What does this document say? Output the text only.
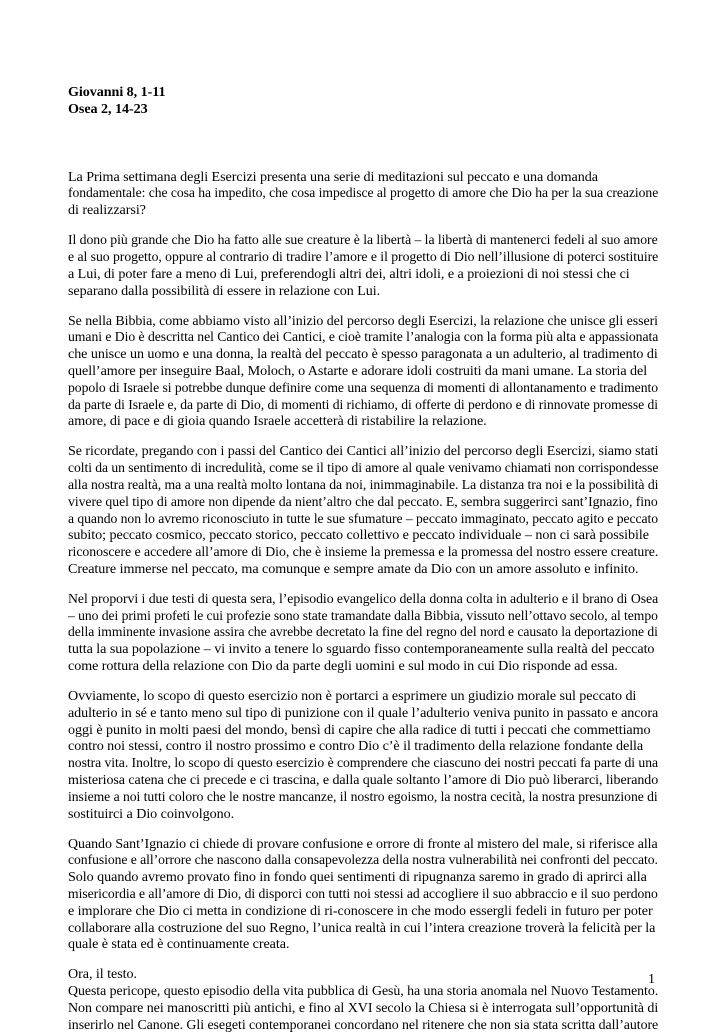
Giovanni 8, 1-11

Osea 2, 14-23

La Prima settimana degli Esercizi presenta una serie di meditazioni sul peccato e una domanda
fondamentale: che cosa ha impedito, che cosa impedisce al progetto di amore che Dio ha per la sua creazione
di realizzarsi?

Il dono più grande che Dio ha fatto alle sue creature è la libertà – la libertà di mantenerci fedeli al suo amore
e al suo progetto, oppure al contrario di tradire l’amore e il progetto di Dio nell’illusione di poterci sostituire
a Lui, di poter fare a meno di Lui, preferendogli altri dei, altri idoli, e a proiezioni di noi stessi che ci
separano dalla possibilità di essere in relazione con Lui.

Se nella Bibbia, come abbiamo visto all’inizio del percorso degli Esercizi, la relazione che unisce gli esseri
umani e Dio è descritta nel Cantico dei Cantici, e cioè tramite l’analogia con la forma più alta e appassionata
che unisce un uomo e una donna, la realtà del peccato è spesso paragonata a un adulterio, al tradimento di
quell’amore per inseguire Baal, Moloch, o Astarte e adorare idoli costruiti da mani umane. La storia del
popolo di Israele si potrebbe dunque definire come una sequenza di momenti di allontanamento e tradimento
da parte di Israele e, da parte di Dio, di momenti di richiamo, di offerte di perdono e di rinnovate promesse di
amore, di pace e di gioia quando Israele accetterà di ristabilire la relazione.

Se ricordate, pregando con i passi del Cantico dei Cantici all’inizio del percorso degli Esercizi, siamo stati
colti da un sentimento di incredulità, come se il tipo di amore al quale venivamo chiamati non corrispondesse
alla nostra realtà, ma a una realtà molto lontana da noi, inimmaginabile. La distanza tra noi e la possibilità di
vivere quel tipo di amore non dipende da nient’altro che dal peccato. E, sembra suggerirci sant’Ignazio, fino
a quando non lo avremo riconosciuto in tutte le sue sfumature – peccato immaginato, peccato agito e peccato
subito; peccato cosmico, peccato storico, peccato collettivo e peccato individuale – non ci sarà possibile
riconoscere e accedere all’amore di Dio, che è insieme la premessa e la promessa del nostro essere creature.
Creature immerse nel peccato, ma comunque e sempre amate da Dio con un amore assoluto e infinito.

Nel proporvi i due testi di questa sera, l’episodio evangelico della donna colta in adulterio e il brano di Osea
– uno dei primi profeti le cui profezie sono state tramandate dalla Bibbia, vissuto nell’ottavo secolo, al tempo
della imminente invasione assira che avrebbe decretato la fine del regno del nord e causato la deportazione di
tutta la sua popolazione – vi invito a tenere lo sguardo fisso contemporaneamente sulla realtà del peccato
come rottura della relazione con Dio da parte degli uomini e sul modo in cui Dio risponde ad essa.

Ovviamente, lo scopo di questo esercizio non è portarci a esprimere un giudizio morale sul peccato di
adulterio in sé e tanto meno sul tipo di punizione con il quale l’adulterio veniva punito in passato e ancora
oggi è punito in molti paesi del mondo, bensì di capire che alla radice di tutti i peccati che commettiamo
contro noi stessi, contro il nostro prossimo e contro Dio c’è il tradimento della relazione fondante della
nostra vita. Inoltre, lo scopo di questo esercizio è comprendere che ciascuno dei nostri peccati fa parte di una
misteriosa catena che ci precede e ci trascina, e dalla quale soltanto l’amore di Dio può liberarci, liberando
insieme a noi tutti coloro che le nostre mancanze, il nostro egoismo, la nostra cecità, la nostra presunzione di
sostituirci a Dio coinvolgono.

Quando Sant’Ignazio ci chiede di provare confusione e orrore di fronte al mistero del male, si riferisce alla
confusione e all’orrore che nascono dalla consapevolezza della nostra vulnerabilità nei confronti del peccato.
Solo quando avremo provato fino in fondo quei sentimenti di ripugnanza saremo in grado di aprirci alla
misericordia e all’amore di Dio, di disporci con tutti noi stessi ad accogliere il suo abbraccio e il suo perdono
e implorare che Dio ci metta in condizione di ri-conoscere in che modo essergli fedeli in futuro per poter
collaborare alla costruzione del suo Regno, l’unica realtà in cui l’intera creazione troverà la felicità per la
quale è stata ed è continuamente creata.

Ora, il testo.
Questa pericope, questo episodio della vita pubblica di Gesù, ha una storia anomala nel Nuovo Testamento.
Non compare nei manoscritti più antichi, e fino al XVI secolo la Chiesa si è interrogata sull’opportunità di
inserirlo nel Canone. Gli esegeti contemporanei concordano nel ritenere che non sia stata scritta dall’autore

1
